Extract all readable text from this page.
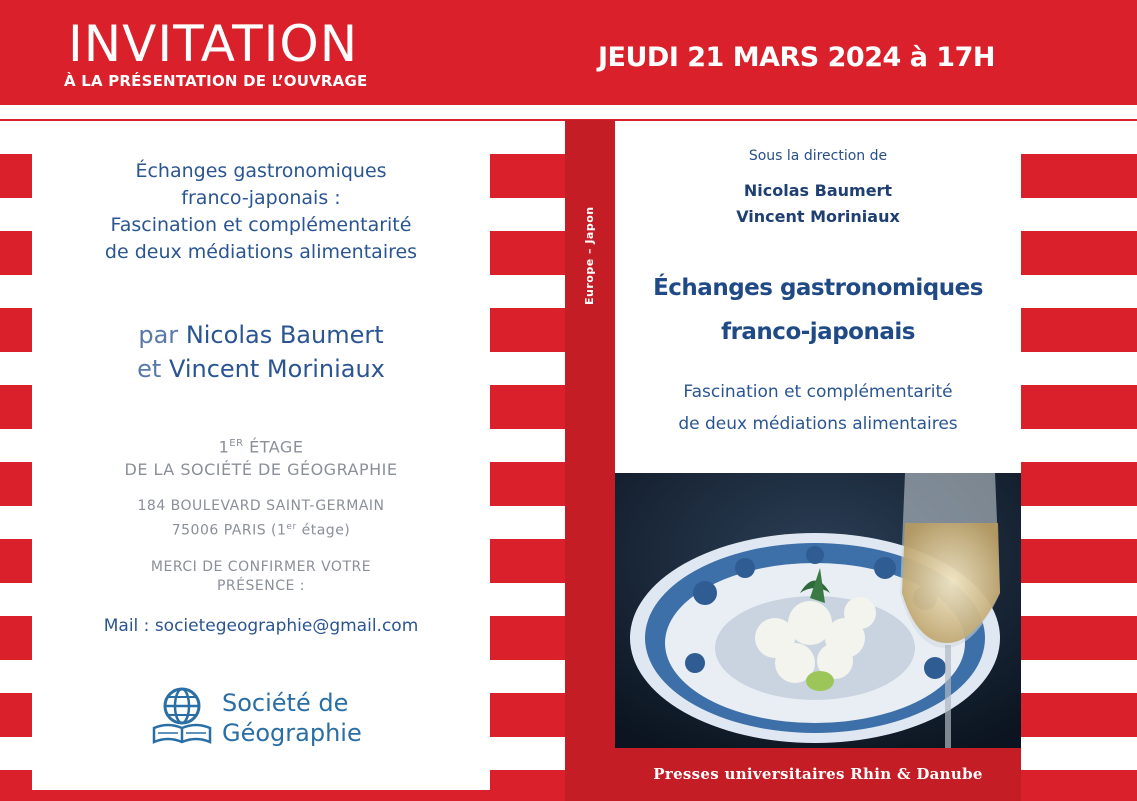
INVITATION
À LA PRÉSENTATION DE L’OUVRAGE
JEUDI 21 MARS 2024 à 17H
Échanges gastronomiques
franco-japonais :
Fascination et complémentarité
de deux médiations alimentaires
par Nicolas Baumert
et Vincent Moriniaux
1ER ÉTAGE
DE LA SOCIÉTÉ DE GÉOGRAPHIE
184 BOULEVARD SAINT-GERMAIN
75006 PARIS (1er étage)
MERCI DE CONFIRMER VOTRE
PRÉSENCE :
Mail : societegeographie@gmail.com
Société de
Géographie
Europe – Japon
Sous la direction de
Nicolas Baumert
Vincent Moriniaux
Échanges gastronomiques
franco-japonais
Fascination et complémentarité
de deux médiations alimentaires
Presses universitaires Rhin & Danube
